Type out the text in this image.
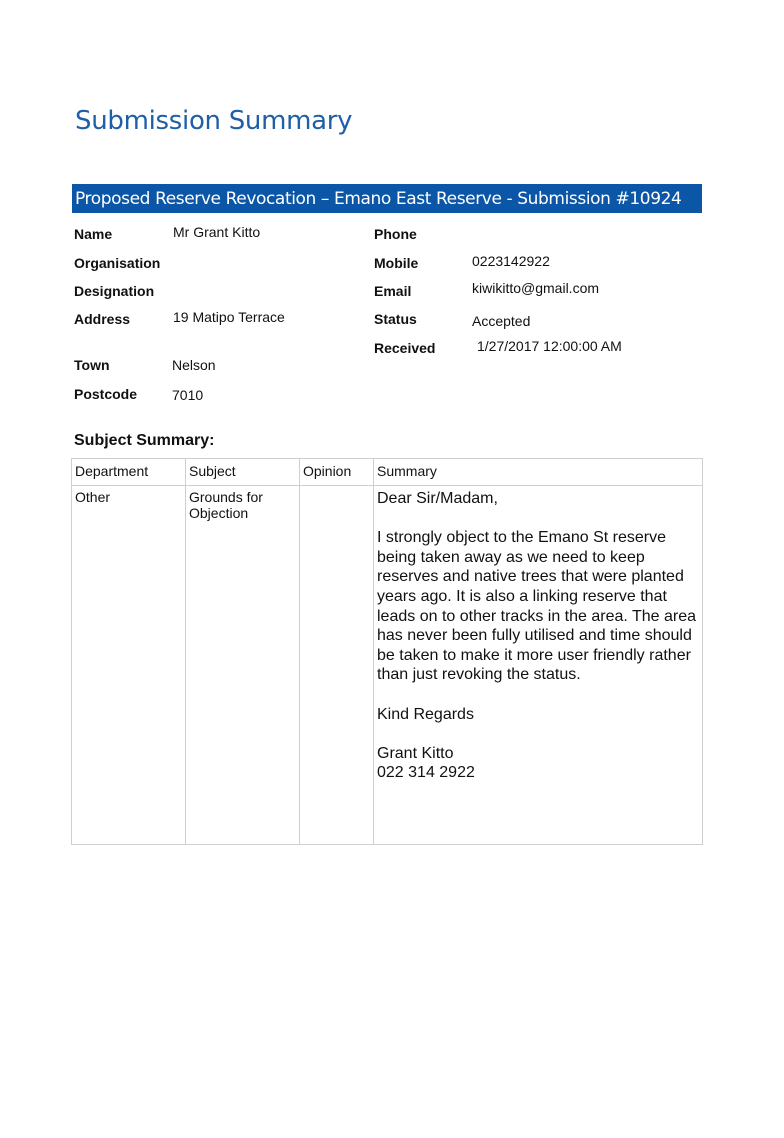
Submission Summary
Proposed Reserve Revocation – Emano East Reserve - Submission #10924
Name	Mr Grant Kitto
Organisation
Designation
Address	19 Matipo Terrace
Town	Nelson
Postcode 7010
Phone
Mobile	0223142922
Email	kiwikitto@gmail.com
Status	Accepted
Received	1/27/2017 12:00:00 AM
Subject Summary:
Department	Subject	Opinion	Summary
Other	Grounds for Objection		Dear Sir/Madam,

I strongly object to the Emano St reserve being taken away as we need to keep reserves and native trees that were planted years ago. It is also a linking reserve that leads on to other tracks in the area. The area has never been fully utilised and time should be taken to make it more user friendly rather than just revoking the status.

Kind Regards

Grant Kitto
022 314 2922
